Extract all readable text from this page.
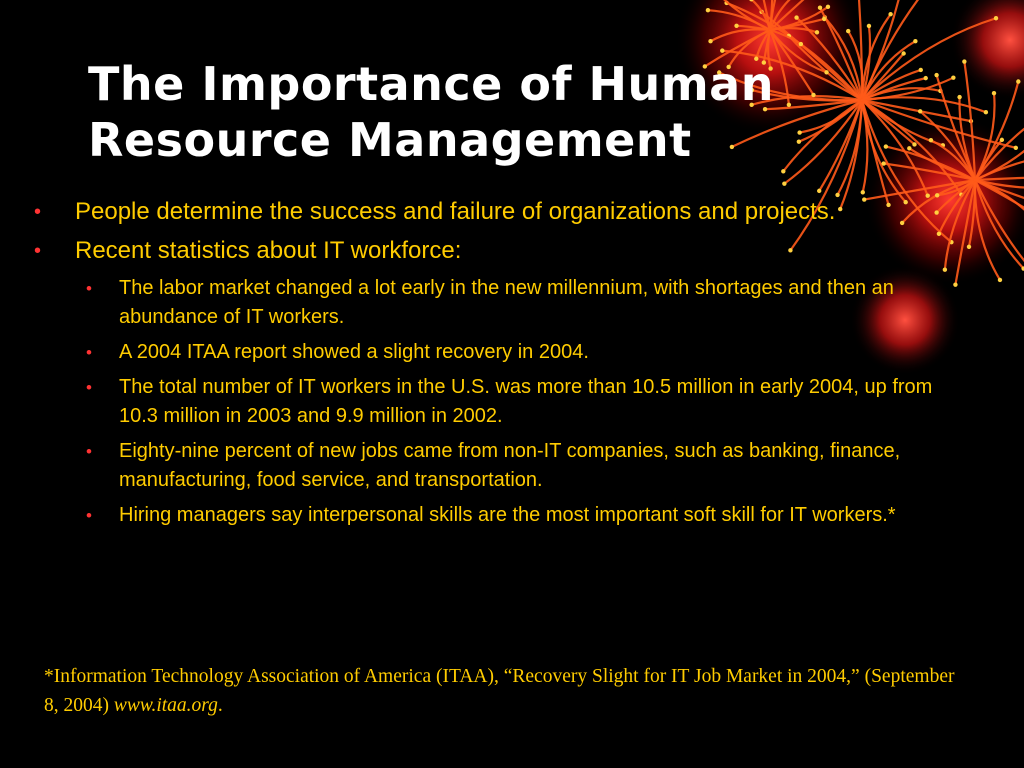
The Importance of Human
Resource Management
• People determine the success and failure of organizations and projects.
• Recent statistics about IT workforce:
• The labor market changed a lot early in the new millennium, with shortages and then an abundance of IT workers.
• A 2004 ITAA report showed a slight recovery in 2004.
• The total number of IT workers in the U.S. was more than 10.5 million in early 2004, up from 10.3 million in 2003 and 9.9 million in 2002.
• Eighty-nine percent of new jobs came from non-IT companies, such as banking, finance, manufacturing, food service, and transportation.
• Hiring managers say interpersonal skills are the most important soft skill for IT workers.*
*Information Technology Association of America (ITAA), “Recovery Slight for IT Job Market in 2004,” (September 8, 2004) www.itaa.org.
